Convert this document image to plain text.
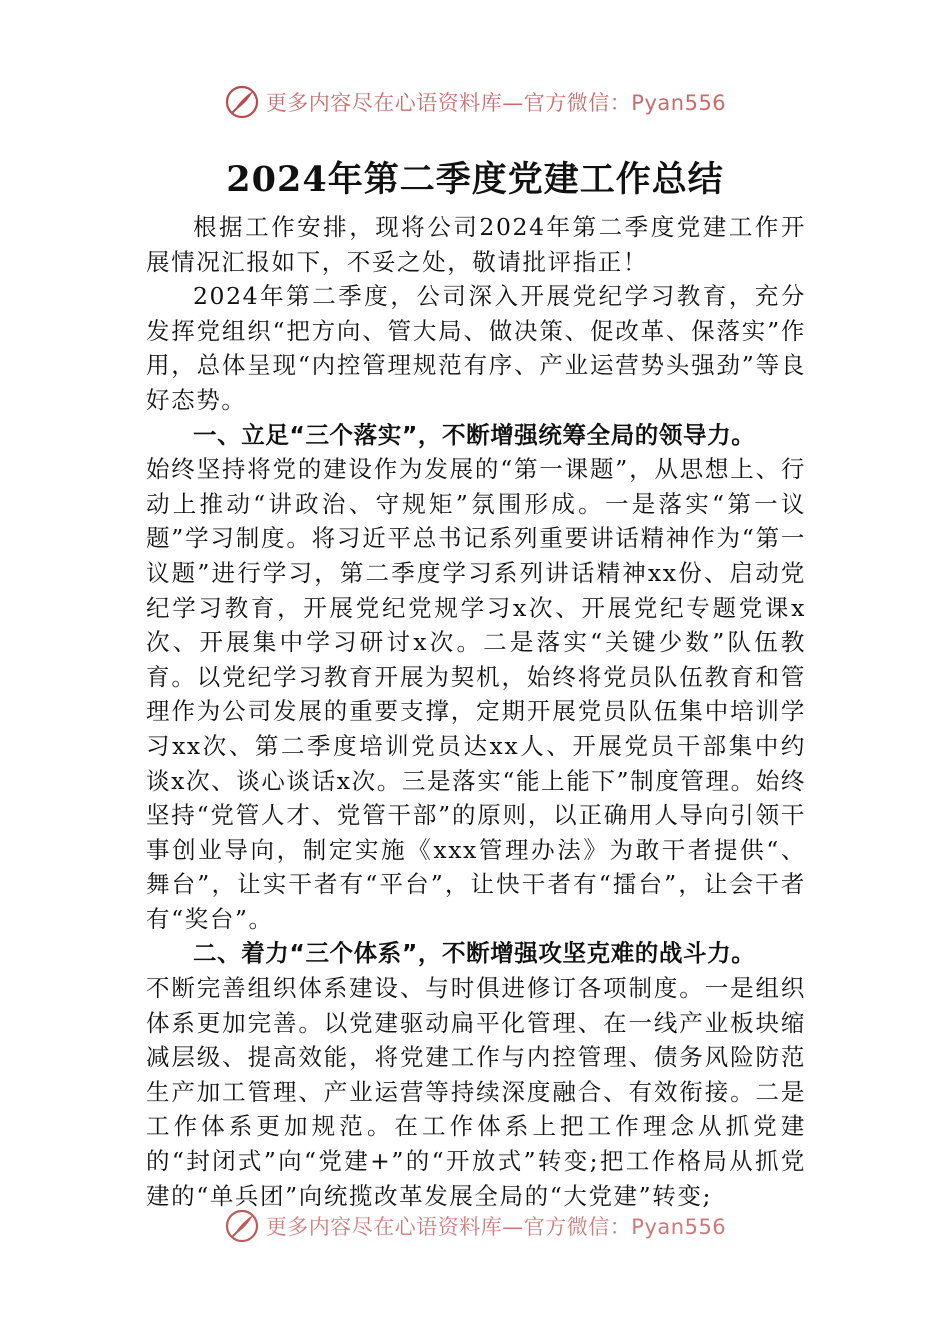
更多内容尽在心语资料库—官方微信：Pyan556
2024年第二季度党建工作总结

根据工作安排，现将公司2024年第二季度党建工作开展情况汇报如下，不妥之处，敬请批评指正！

2024年第二季度，公司深入开展党纪学习教育，充分发挥党组织“把方向、管大局、做决策、促改革、保落实”作用，总体呈现“内控管理规范有序、产业运营势头强劲”等良好态势。

一、立足“三个落实”，不断增强统筹全局的领导力。

始终坚持将党的建设作为发展的“第一课题”，从思想上、行动上推动“讲政治、守规矩”氛围形成。一是落实“第一议题”学习制度。将习近平总书记系列重要讲话精神作为“第一议题”进行学习，第二季度学习系列讲话精神xx份、启动党纪学习教育，开展党纪党规学习x次、开展党纪专题党课x次、开展集中学习研讨x次。二是落实“关键少数”队伍教育。以党纪学习教育开展为契机，始终将党员队伍教育和管理作为公司发展的重要支撑，定期开展党员队伍集中培训学习xx次、第二季度培训党员达xx人、开展党员干部集中约谈x次、谈心谈话x次。三是落实“能上能下”制度管理。始终坚持“党管人才、党管干部”的原则，以正确用人导向引领干事创业导向，制定实施《xxx管理办法》为敢干者提供“、舞台”，让实干者有“平台”，让快干者有“擂台”，让会干者有“奖台”。

二、着力“三个体系”，不断增强攻坚克难的战斗力。

不断完善组织体系建设、与时俱进修订各项制度。一是组织体系更加完善。以党建驱动扁平化管理、在一线产业板块缩减层级、提高效能，将党建工作与内控管理、债务风险防范生产加工管理、产业运营等持续深度融合、有效衔接。二是工作体系更加规范。在工作体系上把工作理念从抓党建的“封闭式”向“党建+”的“开放式”转变;把工作格局从抓党建的“单兵团”向统揽改革发展全局的“大党建”转变;

更多内容尽在心语资料库—官方微信：Pyan556
